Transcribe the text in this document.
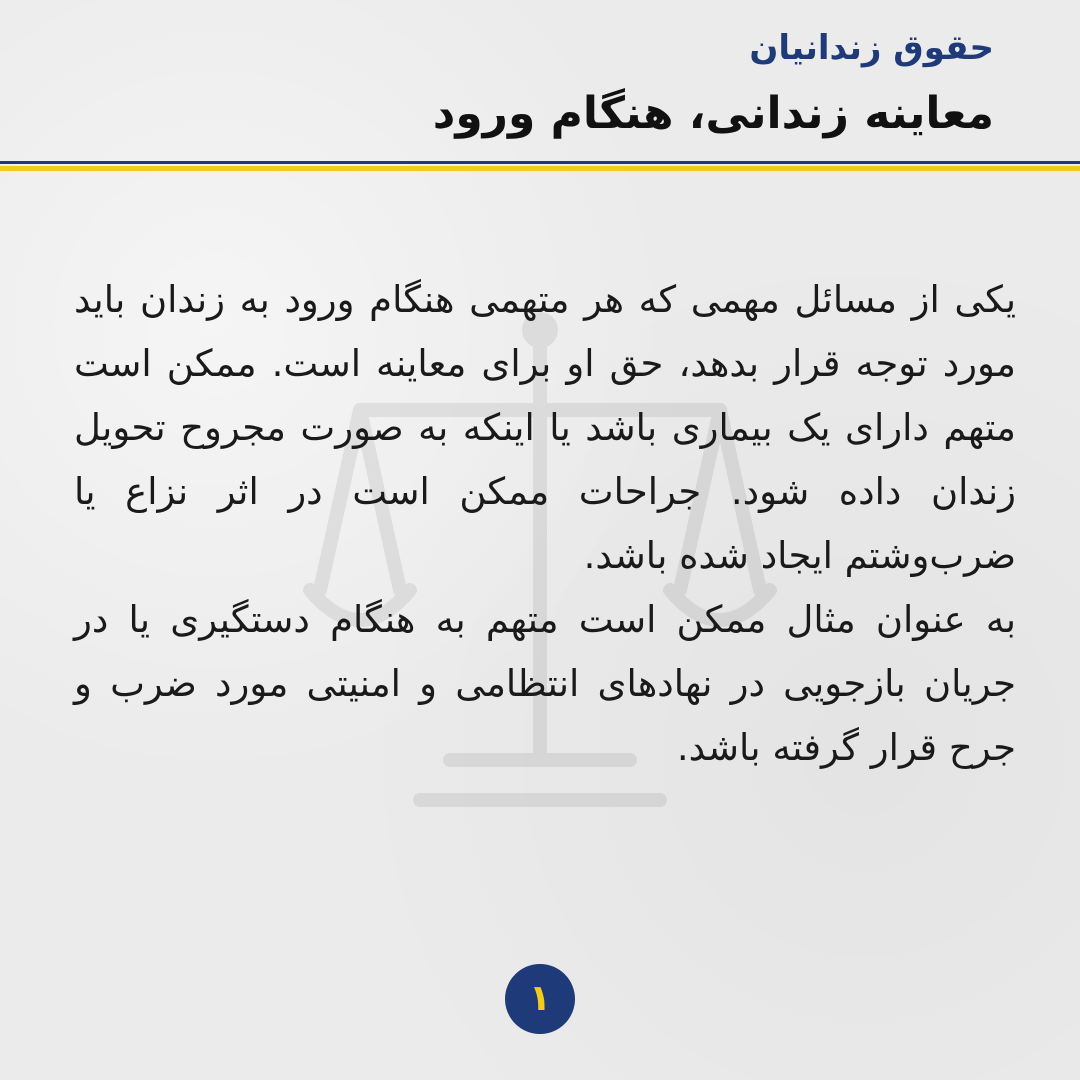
حقوق زندانیان
معاینه زندانی، هنگام ورود

یکی از مسائل مهمی که هر متهمی هنگام ورود به زندان باید مورد توجه قرار بدهد، حق او برای معاینه است. ممکن است متهم دارای یک بیماری باشد یا اینکه به صورت مجروح تحویل زندان داده شود. جراحات ممکن است در اثر نزاع یا ضرب‌وشتم ایجاد شده باشد.

به عنوان مثال ممکن است متهم به هنگام دستگیری یا در جریان بازجویی در نهادهای انتظامی و امنیتی مورد ضرب و جرح قرار گرفته باشد.

۱
